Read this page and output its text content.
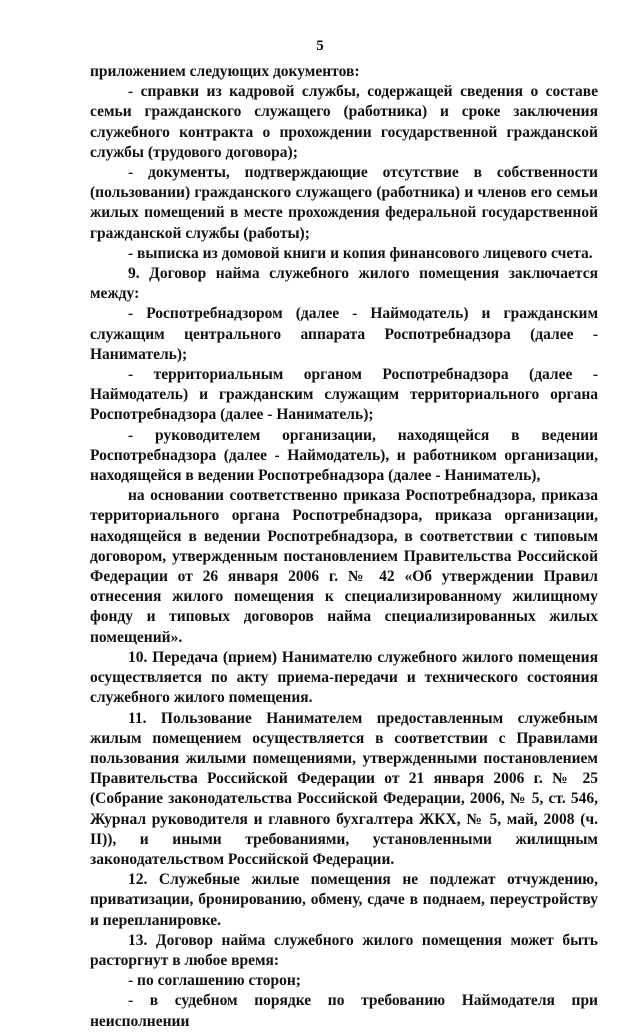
5

приложением следующих документов:

- справки из кадровой службы, содержащей сведения о составе семьи гражданского служащего (работника) и сроке заключения служебного контракта о прохождении государственной гражданской службы (трудового договора);

- документы, подтверждающие отсутствие в собственности (пользовании) гражданского служащего (работника) и членов его семьи жилых помещений в месте прохождения федеральной государственной гражданской службы (работы);

- выписка из домовой книги и копия финансового лицевого счета.

9. Договор найма служебного жилого помещения заключается между:

- Роспотребнадзором (далее - Наймодатель) и гражданским служащим центрального аппарата Роспотребнадзора (далее - Наниматель);

- территориальным органом Роспотребнадзора (далее - Наймодатель) и гражданским служащим территориального органа Роспотребнадзора (далее - Наниматель);

- руководителем организации, находящейся в ведении Роспотребнадзора (далее - Наймодатель), и работником организации, находящейся в ведении Роспотребнадзора (далее - Наниматель),

на основании соответственно приказа Роспотребнадзора, приказа территориального органа Роспотребнадзора, приказа организации, находящейся в ведении Роспотребнадзора, в соответствии с типовым договором, утвержденным постановлением Правительства Российской Федерации от 26 января 2006 г. № 42 «Об утверждении Правил отнесения жилого помещения к специализированному жилищному фонду и типовых договоров найма специализированных жилых помещений».

10. Передача (прием) Нанимателю служебного жилого помещения осуществляется по акту приема-передачи и технического состояния служебного жилого помещения.

11. Пользование Нанимателем предоставленным служебным жилым помещением осуществляется в соответствии с Правилами пользования жилыми помещениями, утвержденными постановлением Правительства Российской Федерации от 21 января 2006 г. № 25 (Собрание законодательства Российской Федерации, 2006, № 5, ст. 546, Журнал руководителя и главного бухгалтера ЖКХ, № 5, май, 2008 (ч. II)), и иными требованиями, установленными жилищным законодательством Российской Федерации.

12. Служебные жилые помещения не подлежат отчуждению, приватизации, бронированию, обмену, сдаче в поднаем, переустройству и перепланировке.

13. Договор найма служебного жилого помещения может быть расторгнут в любое время:

- по соглашению сторон;

- в судебном порядке по требованию Наймодателя при неисполнении
